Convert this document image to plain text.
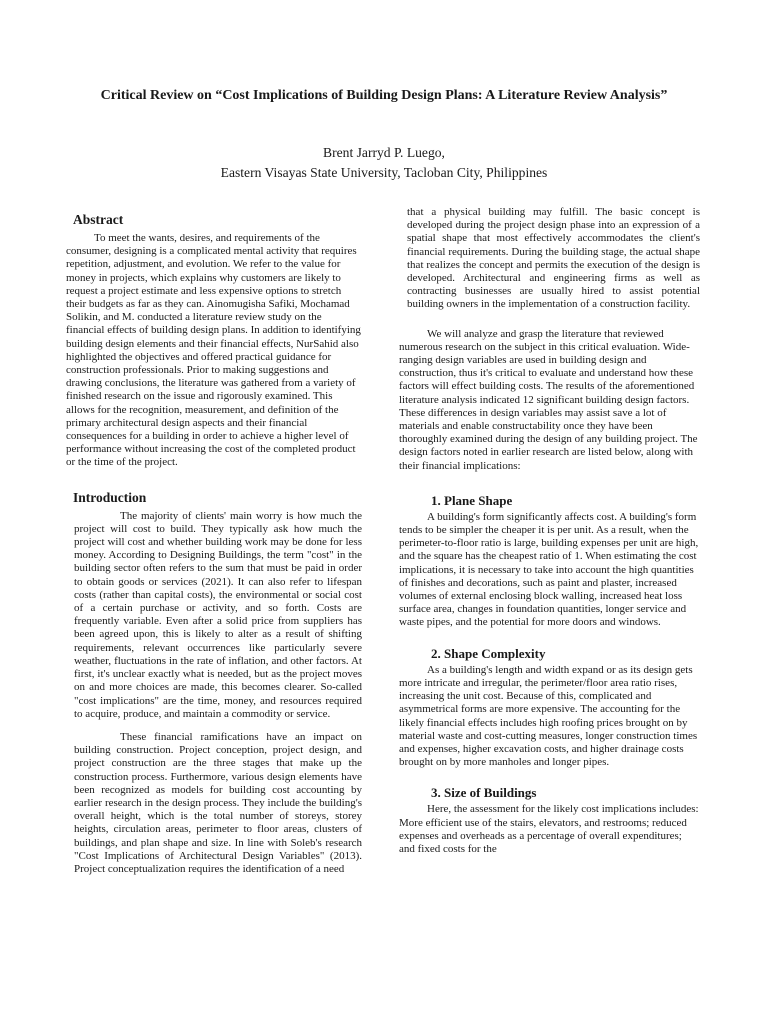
Critical Review on “Cost Implications of Building Design Plans: A Literature Review Analysis”
Brent Jarryd P. Luego,
Eastern Visayas State University, Tacloban City, Philippines
Abstract

To meet the wants, desires, and requirements of the consumer, designing is a complicated mental activity that requires repetition, adjustment, and evolution. We refer to the value for money in projects, which explains why customers are likely to request a project estimate and less expensive options to stretch their budgets as far as they can. Ainomugisha Safiki, Mochamad Solikin, and M. conducted a literature review study on the financial effects of building design plans. In addition to identifying building design elements and their financial effects, NurSahid also highlighted the objectives and offered practical guidance for construction professionals. Prior to making suggestions and drawing conclusions, the literature was gathered from a variety of finished research on the issue and rigorously examined. This allows for the recognition, measurement, and definition of the primary architectural design aspects and their financial consequences for a building in order to achieve a higher level of performance without increasing the cost of the completed product or the time of the project.

Introduction

The majority of clients' main worry is how much the project will cost to build. They typically ask how much the project will cost and whether building work may be done for less money. According to Designing Buildings, the term "cost" in the building sector often refers to the sum that must be paid in order to obtain goods or services (2021). It can also refer to lifespan costs (rather than capital costs), the environmental or social cost of a certain purchase or activity, and so forth. Costs are frequently variable. Even after a solid price from suppliers has been agreed upon, this is likely to alter as a result of shifting requirements, relevant occurrences like particularly severe weather, fluctuations in the rate of inflation, and other factors. At first, it's unclear exactly what is needed, but as the project moves on and more choices are made, this becomes clearer. So-called "cost implications" are the time, money, and resources required to acquire, produce, and maintain a commodity or service.

These financial ramifications have an impact on building construction. Project conception, project design, and project construction are the three stages that make up the construction process. Furthermore, various design elements have been recognized as models for building cost accounting by earlier research in the design process. They include the building's overall height, which is the total number of storeys, storey heights, circulation areas, perimeter to floor areas, clusters of buildings, and plan shape and size. In line with Soleb's research "Cost Implications of Architectural Design Variables" (2013). Project conceptualization requires the identification of a need

that a physical building may fulfill. The basic concept is developed during the project design phase into an expression of a spatial shape that most effectively accommodates the client's financial requirements. During the building stage, the actual shape that realizes the concept and permits the execution of the design is developed. Architectural and engineering firms as well as contracting businesses are usually hired to assist potential building owners in the implementation of a construction facility.

We will analyze and grasp the literature that reviewed numerous research on the subject in this critical evaluation. Wide-ranging design variables are used in building design and construction, thus it's critical to evaluate and understand how these factors will effect building costs. The results of the aforementioned literature analysis indicated 12 significant building design factors. These differences in design variables may assist save a lot of materials and enable constructability once they have been thoroughly examined during the design of any building project. The design factors noted in earlier research are listed below, along with their financial implications:

1. Plane Shape

A building's form significantly affects cost. A building's form tends to be simpler the cheaper it is per unit. As a result, when the perimeter-to-floor ratio is large, building expenses per unit are high, and the square has the cheapest ratio of 1. When estimating the cost implications, it is necessary to take into account the high quantities of finishes and decorations, such as paint and plaster, increased volumes of external enclosing block walling, increased heat loss surface area, changes in foundation quantities, longer service and waste pipes, and the potential for more doors and windows.

2. Shape Complexity

As a building's length and width expand or as its design gets more intricate and irregular, the perimeter/floor area ratio rises, increasing the unit cost. Because of this, complicated and asymmetrical forms are more expensive. The accounting for the likely financial effects includes high roofing prices brought on by material waste and cost-cutting measures, longer construction times and expenses, higher excavation costs, and higher drainage costs brought on by more manholes and longer pipes.

3. Size of Buildings

Here, the assessment for the likely cost implications includes: More efficient use of the stairs, elevators, and restrooms; reduced expenses and overheads as a percentage of overall expenditures; and fixed costs for the
